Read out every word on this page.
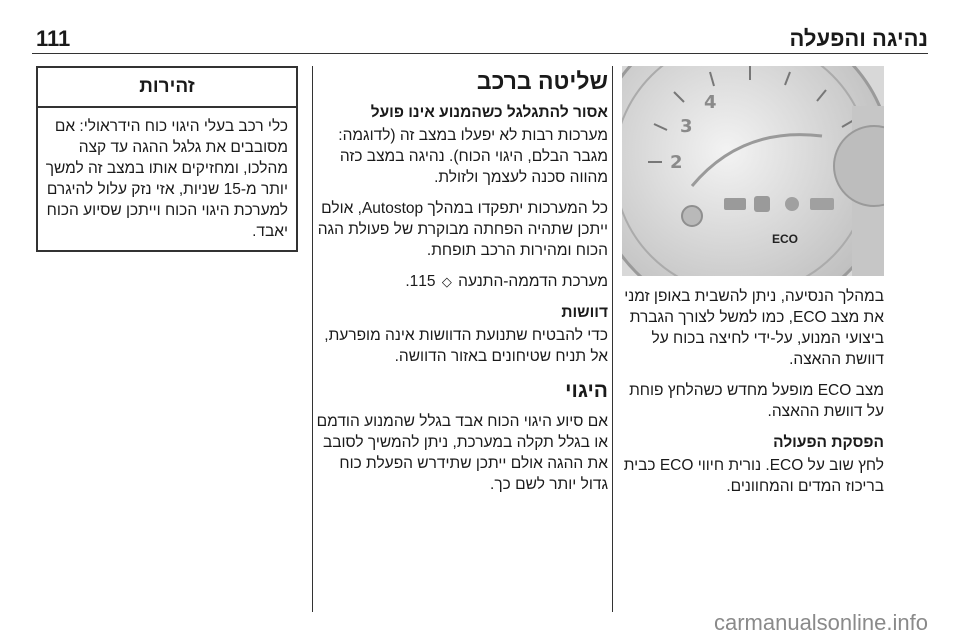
111	נהיגה והפעלה
2
3
4
ECO

במהלך הנסיעה, ניתן להשבית באופן זמני את מצב ECO, כמו למשל לצורך הגברת ביצועי המנוע, על-ידי לחיצה בכוח על דוושת ההאצה.

מצב ECO מופעל מחדש כשהלחץ פוחת על דוושת ההאצה.

הפסקת הפעולה

לחץ שוב על ECO. נורית חיווי ECO כבית בריכוז המדים והמחוונים.

שליטה ברכב
אסור להתגלגל כשהמנוע אינו פועל

מערכות רבות לא יפעלו במצב זה (לדוגמה: מגבר הבלם, היגוי הכוח). נהיגה במצב כזה מהווה סכנה לעצמך ולזולת.

כל המערכות יתפקדו במהלך Autostop, אולם ייתכן שתהיה הפחתה מבוקרת של פעולת הגה הכוח ומהירות הרכב תופחת.

מערכת הדממה-התנעה ◇ 115.

דוושות

כדי להבטיח שתנועת הדוושות אינה מופרעת, אל תניח שטיחונים באזור הדוושה.

היגוי

אם סיוע היגוי הכוח אבד בגלל שהמנוע הודמם או בגלל תקלה במערכת, ניתן להמשיך לסובב את ההגה אולם ייתכן שתידרש הפעלת כוח גדול יותר לשם כך.

זהירות
כלי רכב בעלי היגוי כוח הידראולי: אם מסובבים את גלגל ההגה עד קצה מהלכו, ומחזיקים אותו במצב זה למשך יותר מ-15 שניות, אזי נזק עלול להיגרם למערכת היגוי הכוח וייתכן שסיוע הכוח יאבד.
carmanualsonline.info
